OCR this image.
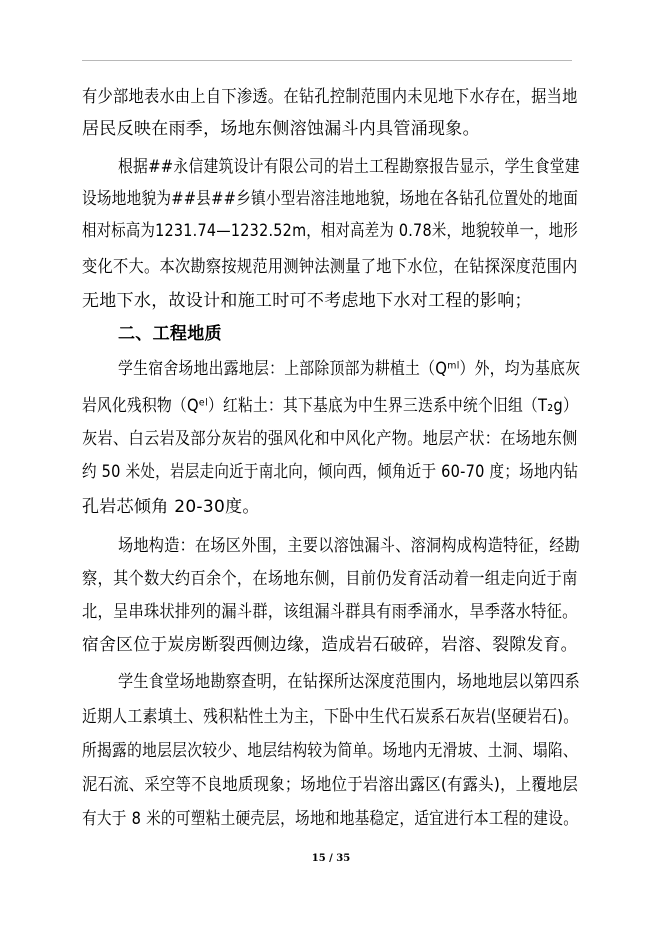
有少部地表水由上自下渗透。在钻孔控制范围内未见地下水存在，据当地
居民反映在雨季，场地东侧溶蚀漏斗内具管涌现象。
根据##永信建筑设计有限公司的岩土工程勘察报告显示，学生食堂建
设场地地貌为##县##乡镇小型岩溶洼地地貌，场地在各钻孔位置处的地面
相对标高为1231.74—1232.52m，相对高差为 0.78米，地貌较单一，地形
变化不大。本次勘察按规范用测钟法测量了地下水位，在钻探深度范围内
无地下水，故设计和施工时可不考虑地下水对工程的影响；
二、工程地质
学生宿舍场地出露地层：上部除顶部为耕植土（Qᵐˡ）外，均为基底灰
岩风化残积物（Qᵉˡ）红粘土：其下基底为中生界三迭系中统个旧组（T₂g）
灰岩、白云岩及部分灰岩的强风化和中风化产物。地层产状：在场地东侧
约 50 米处，岩层走向近于南北向，倾向西，倾角近于 60-70 度；场地内钻
孔岩芯倾角 20-30度。
场地构造：在场区外围，主要以溶蚀漏斗、溶洞构成构造特征，经勘
察，其个数大约百余个，在场地东侧，目前仍发育活动着一组走向近于南
北，呈串珠状排列的漏斗群，该组漏斗群具有雨季涌水，旱季落水特征。
宿舍区位于炭房断裂西侧边缘，造成岩石破碎，岩溶、裂隙发育。
学生食堂场地勘察查明，在钻探所达深度范围内，场地地层以第四系
近期人工素填土、残积粘性土为主，下卧中生代石炭系石灰岩(坚硬岩石)。
所揭露的地层层次较少、地层结构较为简单。场地内无滑坡、土洞、塌陷、
泥石流、采空等不良地质现象；场地位于岩溶出露区(有露头)，上覆地层
有大于 8 米的可塑粘土硬壳层，场地和地基稳定，适宜进行本工程的建设。
15 / 35
